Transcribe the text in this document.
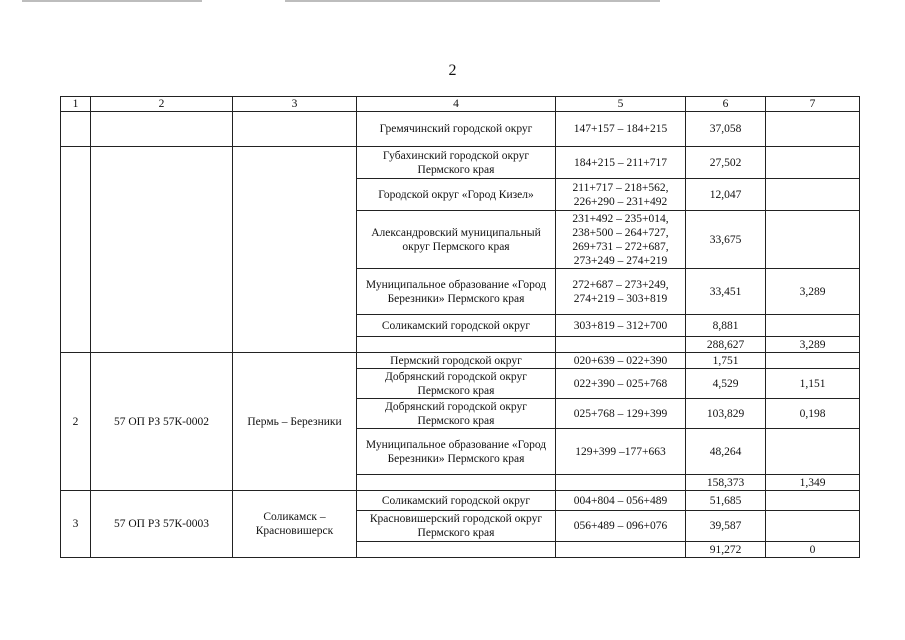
2
1	2	3	4	5	6	7
			Гремячинский городской округ	147+157 – 184+215	37,058	
			Губахинский городской округ Пермского края	184+215 – 211+717	27,502	
			Городской округ «Город Кизел»	211+717 – 218+562, 226+290 – 231+492	12,047	
			Александровский муниципальный округ Пермского края	231+492 – 235+014, 238+500 – 264+727, 269+731 – 272+687, 273+249 – 274+219	33,675	
			Муниципальное образование «Город Березники» Пермского края	272+687 – 273+249, 274+219 – 303+819	33,451	3,289
			Соликамский городской округ	303+819 – 312+700	8,881	
					288,627	3,289
2	57 ОП РЗ 57К-0002	Пермь – Березники	Пермский городской округ	020+639 – 022+390	1,751	
			Добрянский городской округ Пермского края	022+390 – 025+768	4,529	1,151
			Добрянский городской округ Пермского края	025+768 – 129+399	103,829	0,198
			Муниципальное образование «Город Березники» Пермского края	129+399 –177+663	48,264	
					158,373	1,349
3	57 ОП РЗ 57К-0003	Соликамск – Красновишерск	Соликамский городской округ	004+804 – 056+489	51,685	
			Красновишерский городской округ Пермского края	056+489 – 096+076	39,587	
					91,272	0
